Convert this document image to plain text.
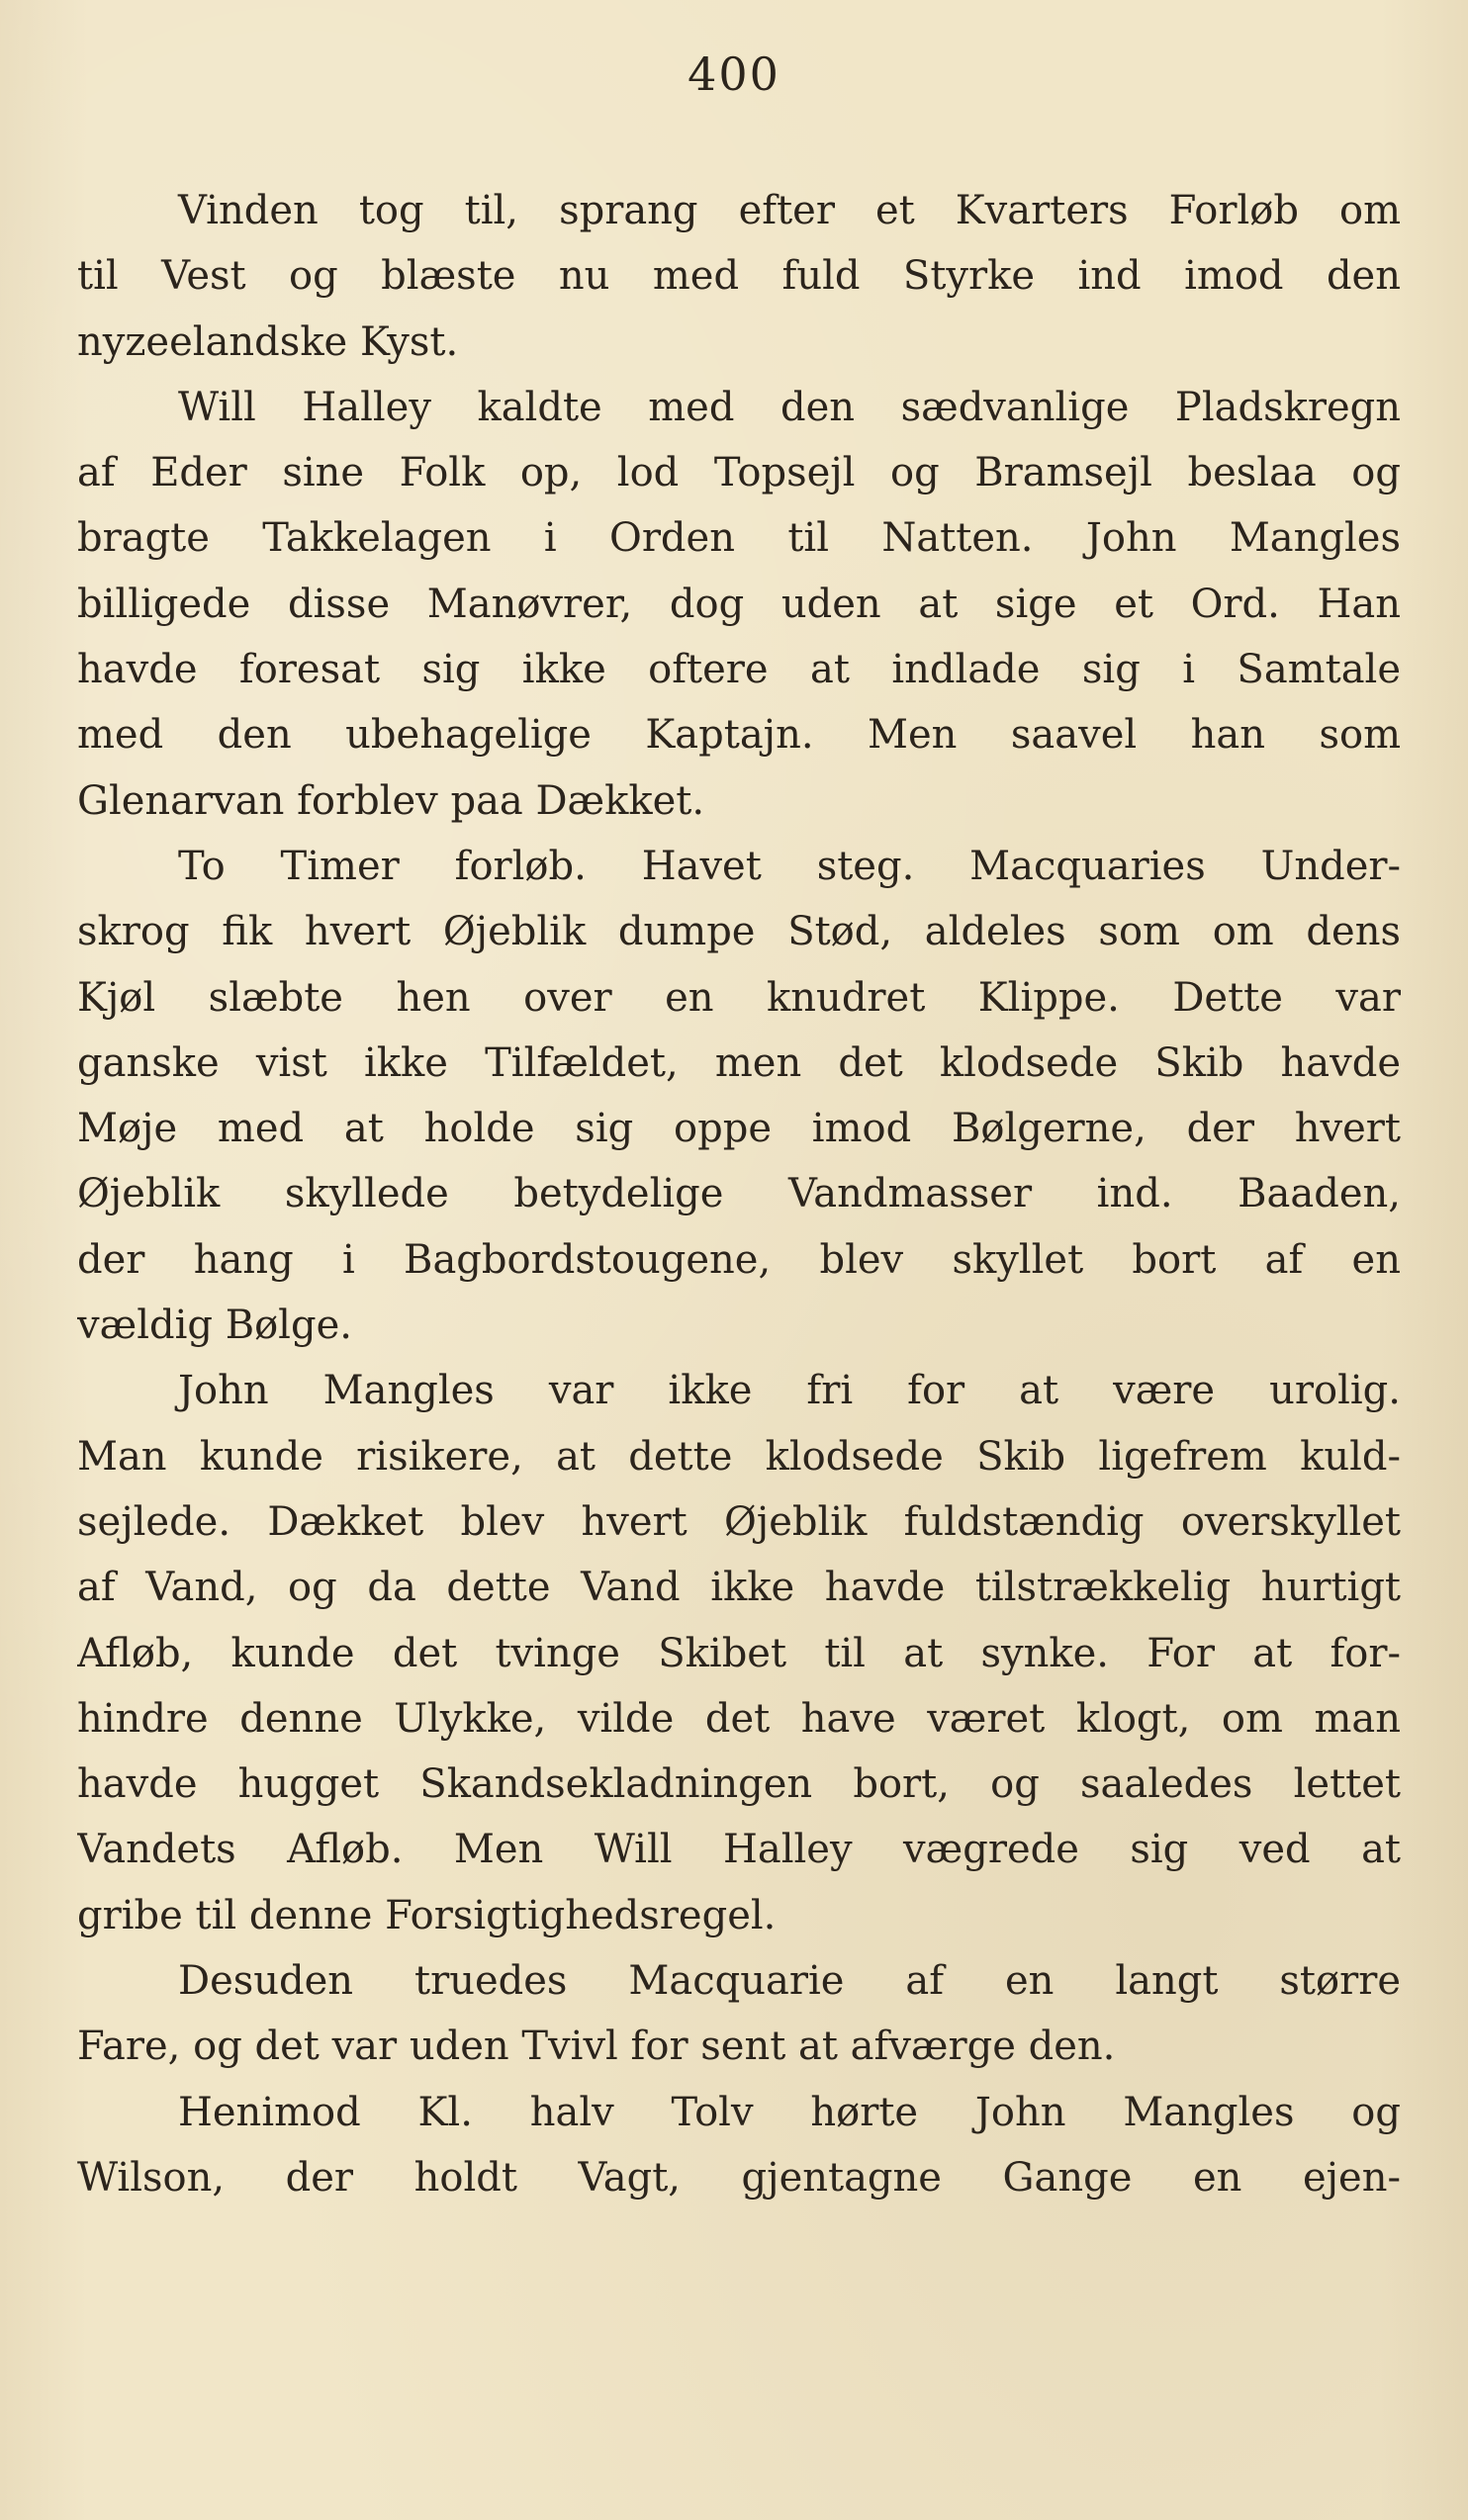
400

Vinden tog til, sprang efter et Kvarters Forløb om
til Vest og blæste nu med fuld Styrke ind imod den
nyzeelandske Kyst.

Will Halley kaldte med den sædvanlige Pladskregn
af Eder sine Folk op, lod Topsejl og Bramsejl beslaa og
bragte Takkelagen i Orden til Natten. John Mangles
billigede disse Manøvrer, dog uden at sige et Ord. Han
havde foresat sig ikke oftere at indlade sig i Samtale
med den ubehagelige Kaptajn. Men saavel han som
Glenarvan forblev paa Dækket.

To Timer forløb. Havet steg. Macquaries Under-
skrog fik hvert Øjeblik dumpe Stød, aldeles som om dens
Kjøl slæbte hen over en knudret Klippe. Dette var
ganske vist ikke Tilfældet, men det klodsede Skib havde
Møje med at holde sig oppe imod Bølgerne, der hvert
Øjeblik skyllede betydelige Vandmasser ind. Baaden,
der hang i Bagbordstougene, blev skyllet bort af en
vældig Bølge.

John Mangles var ikke fri for at være urolig.
Man kunde risikere, at dette klodsede Skib ligefrem kuld-
sejlede. Dækket blev hvert Øjeblik fuldstændig overskyllet
af Vand, og da dette Vand ikke havde tilstrækkelig hurtigt
Afløb, kunde det tvinge Skibet til at synke. For at for-
hindre denne Ulykke, vilde det have været klogt, om man
havde hugget Skandsekladningen bort, og saaledes lettet
Vandets Afløb. Men Will Halley vægrede sig ved at
gribe til denne Forsigtighedsregel.

Desuden truedes Macquarie af en langt større
Fare, og det var uden Tvivl for sent at afværge den.

Henimod Kl. halv Tolv hørte John Mangles og
Wilson, der holdt Vagt, gjentagne Gange en ejen-
